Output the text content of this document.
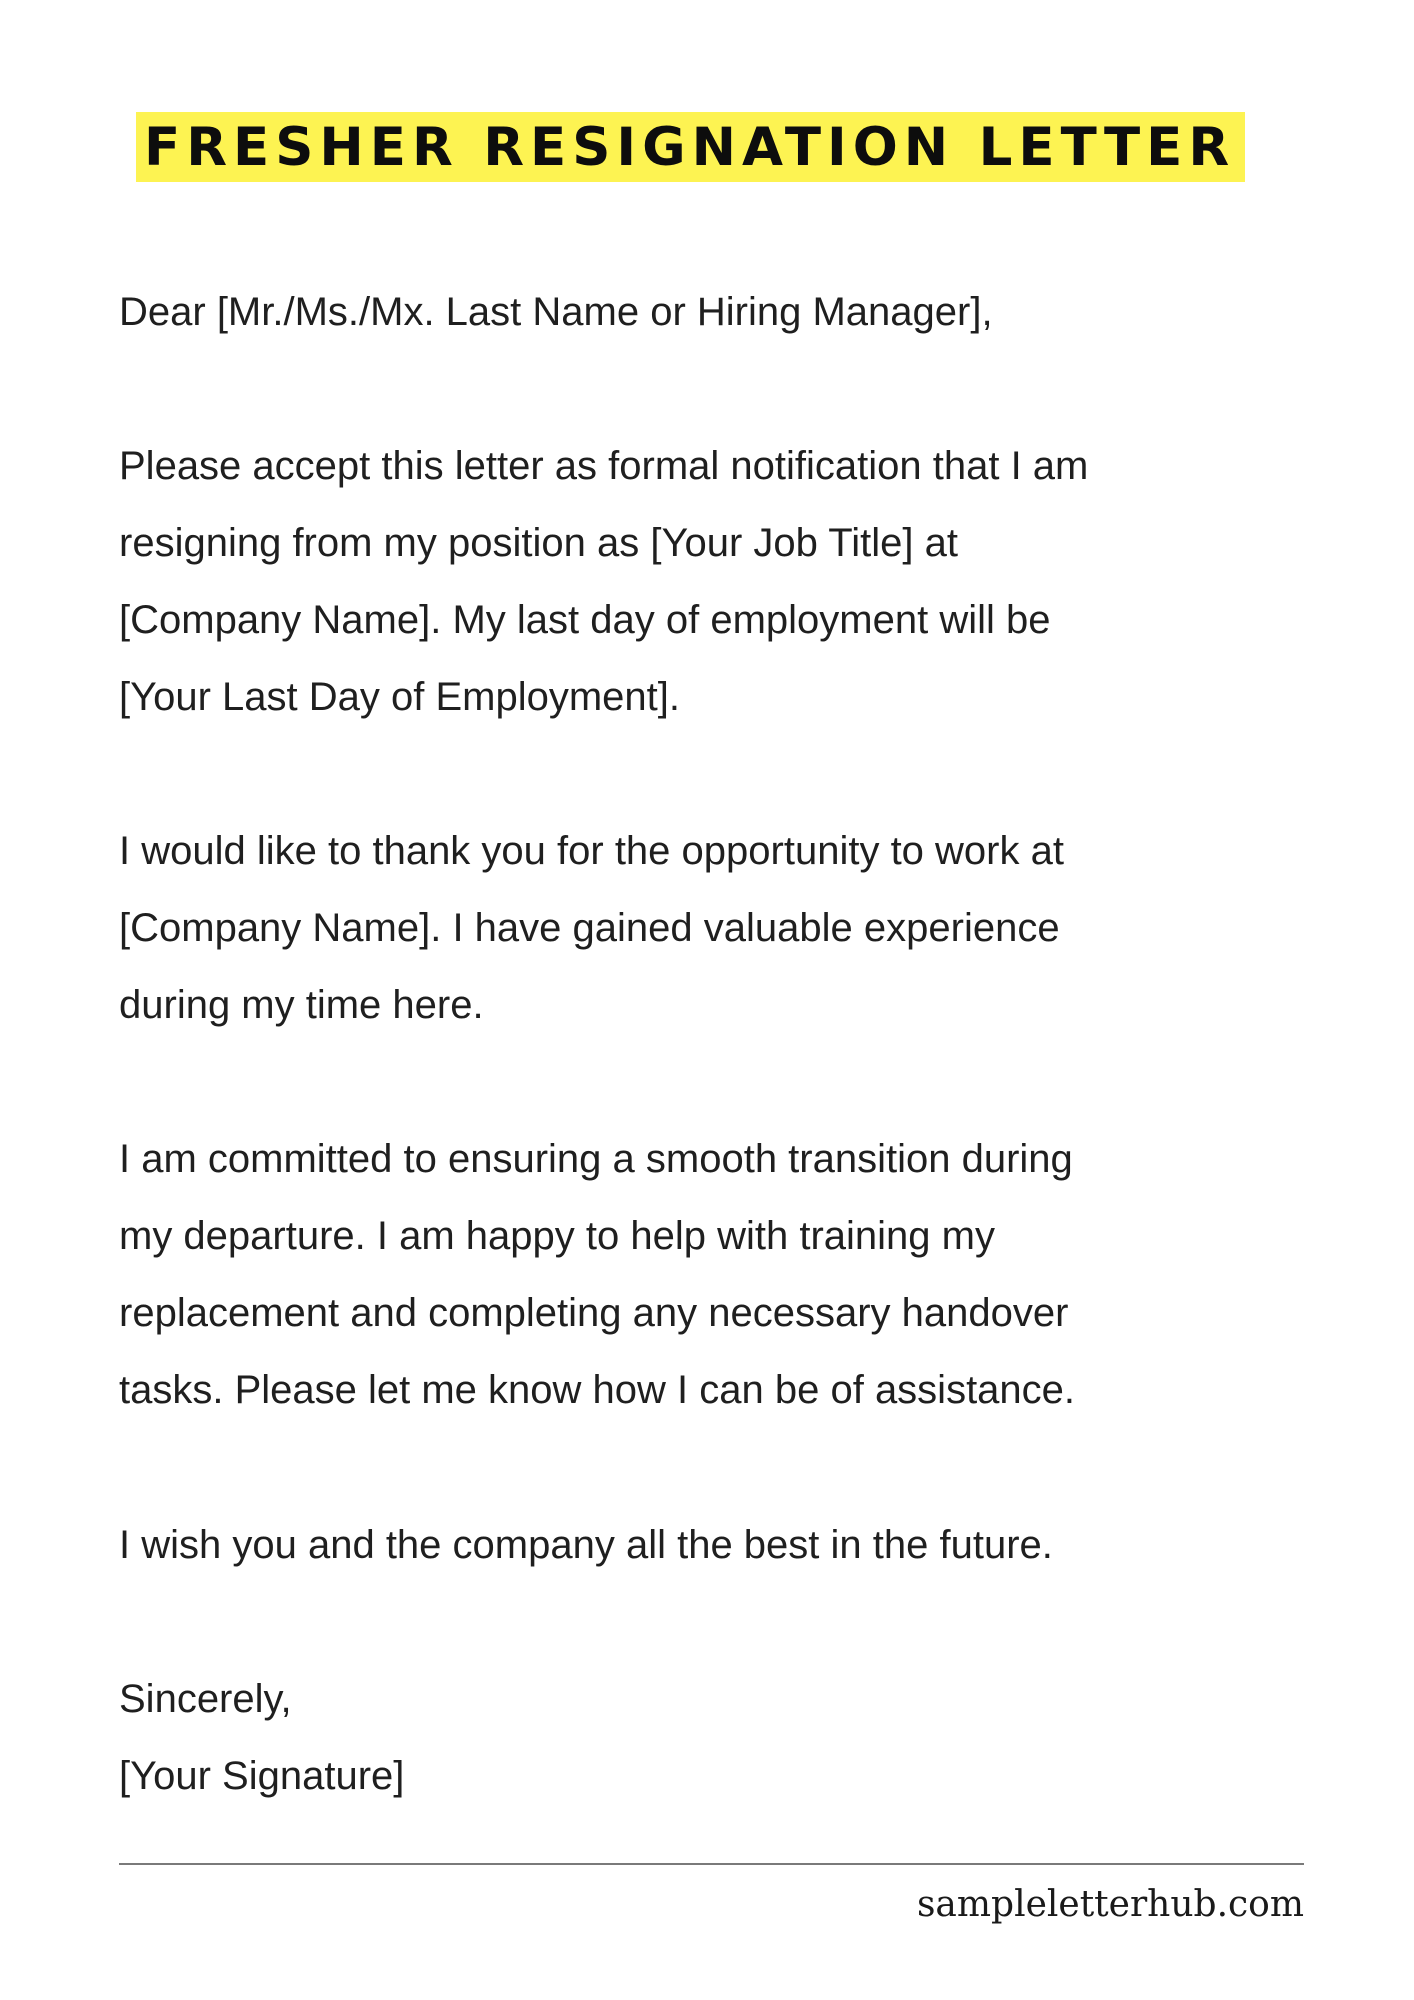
FRESHER RESIGNATION LETTER

Dear [Mr./Ms./Mx. Last Name or Hiring Manager],

Please accept this letter as formal notification that I am

resigning from my position as [Your Job Title] at

[Company Name]. My last day of employment will be

[Your Last Day of Employment].

I would like to thank you for the opportunity to work at

[Company Name]. I have gained valuable experience

during my time here.

I am committed to ensuring a smooth transition during

my departure. I am happy to help with training my

replacement and completing any necessary handover

tasks. Please let me know how I can be of assistance.

I wish you and the company all the best in the future.

Sincerely,

[Your Signature]

sampleletterhub.com
